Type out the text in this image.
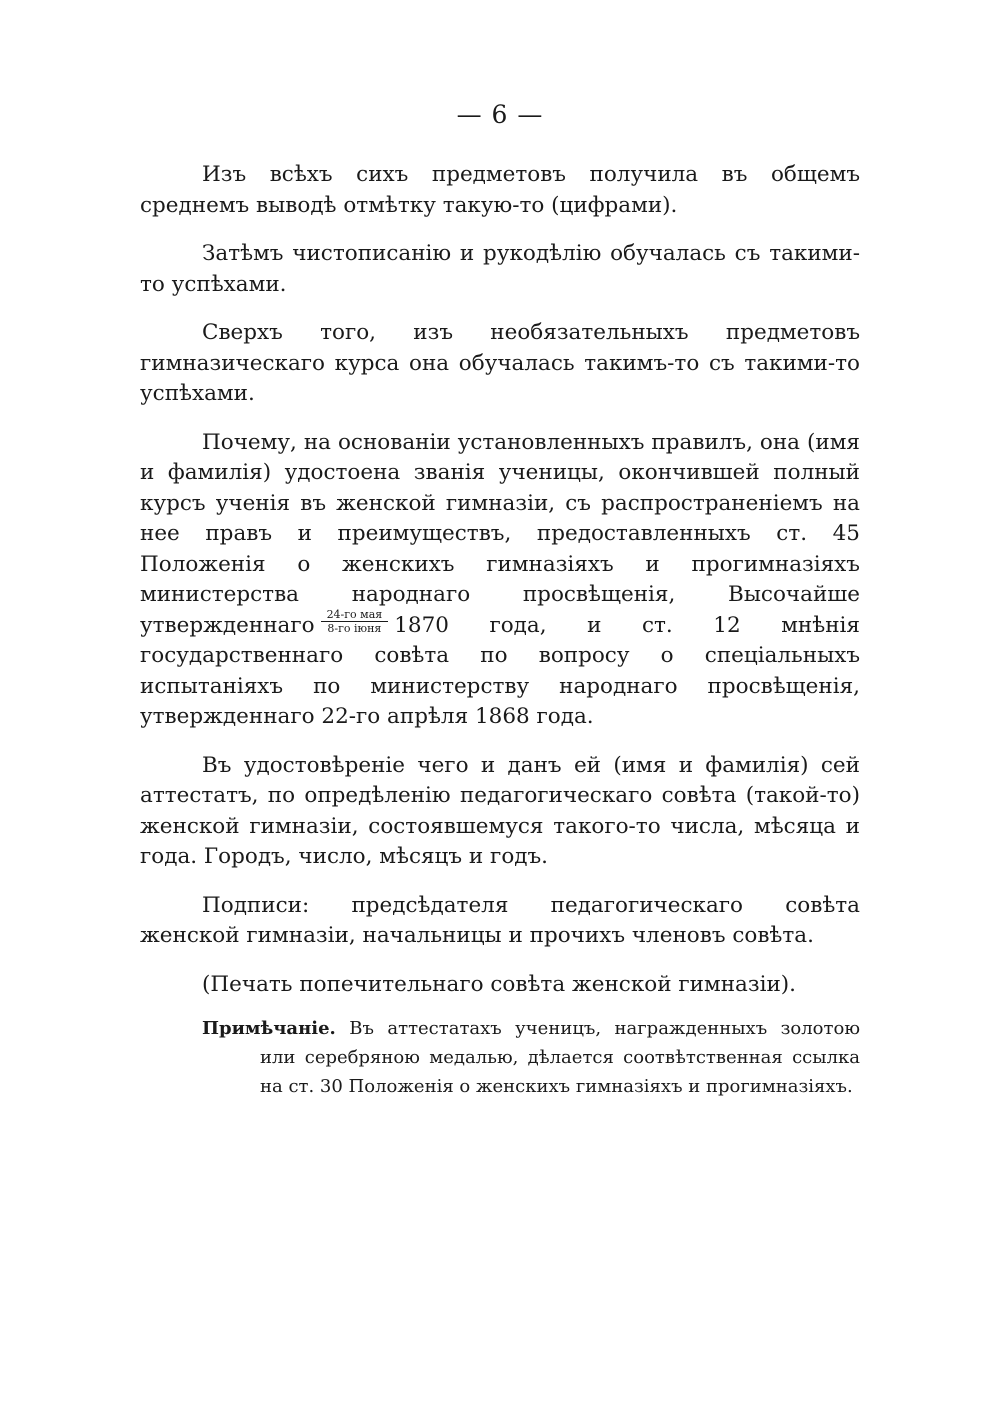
— 6 —

Изъ всѣхъ сихъ предметовъ получила въ общемъ среднемъ выводѣ отмѣтку такую-то (цифрами).

Затѣмъ чистописанію и рукодѣлію обучалась съ такими-то успѣхами.

Сверхъ того, изъ необязательныхъ предметовъ гимназическаго курса она обучалась такимъ-то съ такими-то успѣхами.

Почему, на основаніи установленныхъ правилъ, она (имя и фамилія) удостоена званія ученицы, окончившей полный курсъ ученія въ женской гимназіи, съ распространеніемъ на нее правъ и преимуществъ, предоставленныхъ ст. 45 Положенія о женскихъ гимназіяхъ и прогимназіяхъ министерства народнаго просвѣщенія, Высочайше утвержденнаго $\frac{\text{24-го мая}}{\text{8-го іюня}} 1870$ года, и ст. 12 мнѣнія государственнаго совѣта по вопросу о спеціальныхъ испытаніяхъ по министерству народнаго просвѣщенія, утвержденнаго 22-го апрѣля 1868 года.

Въ удостовѣреніе чего и данъ ей (имя и фамилія) сей аттестатъ, по опредѣленію педагогическаго совѣта (такой-то) женской гимназіи, состоявшемуся такого-то числа, мѣсяца и года. Городъ, число, мѣсяцъ и годъ.

Подписи: предсѣдателя педагогическаго совѣта женской гимназіи, начальницы и прочихъ членовъ совѣта.

(Печать попечительнаго совѣта женской гимназіи).

Примѣчаніе. Въ аттестатахъ ученицъ, награжденныхъ золотою или серебряною медалью, дѣлается соотвѣтственная ссылка на ст. 30 Положенія о женскихъ гимназіяхъ и прогимназіяхъ.
